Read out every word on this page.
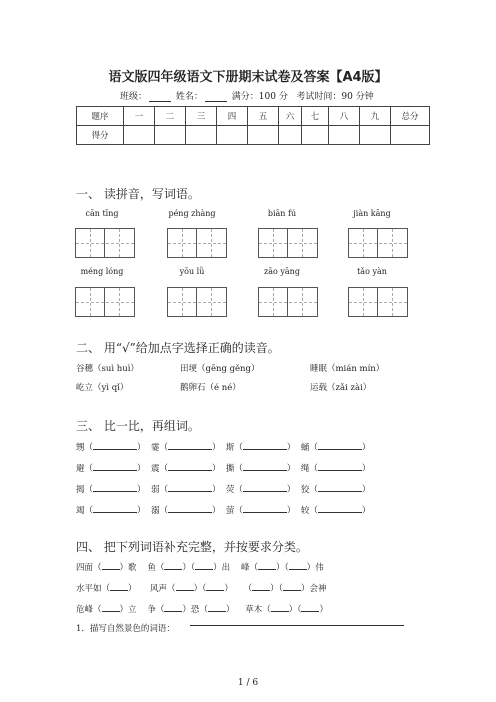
语文版四年级语文下册期末试卷及答案【A4版】
班级：	姓名：	满分：100 分 考试时间：90 分钟
题序	一	二	三	四	五	六	七	八	九	总分
得分										
一、 读拼音，写词语。
cān tīng	péng zhàng	biān fú	jiàn kāng
méng lóng	yōu lǜ	zāo yāng	tǎo yàn
二、 用“√”给加点字选择正确的读音。
谷穗（suì huì）	田埂（gēng gěng）	睡眠（mián mín）
屹立（yì qǐ）	鹅卵石（é né）	运载（zǎi zài）
三、 比一比，再组词。
甥（	）  霎（	）  斯（	）  蛹（	）
避（	）  震（	）  撕（	）  绳（	）
揭（	）  弱（	）  荧（	）  狡（	）
竭（	）  溺（	）  萤（	）  较（	）
四、 把下列词语补充完整，并按要求分类。
四面（ ）歌 鱼（ ）（ ）出 峰（ ）（ ）伟
水平如（ ） 风声（ ）（ ） （ ）（ ）会神
危峰（ ）立 争（ ）恐（ ） 草木（ ）（ ）
1．描写自然景色的词语：
1 / 6
